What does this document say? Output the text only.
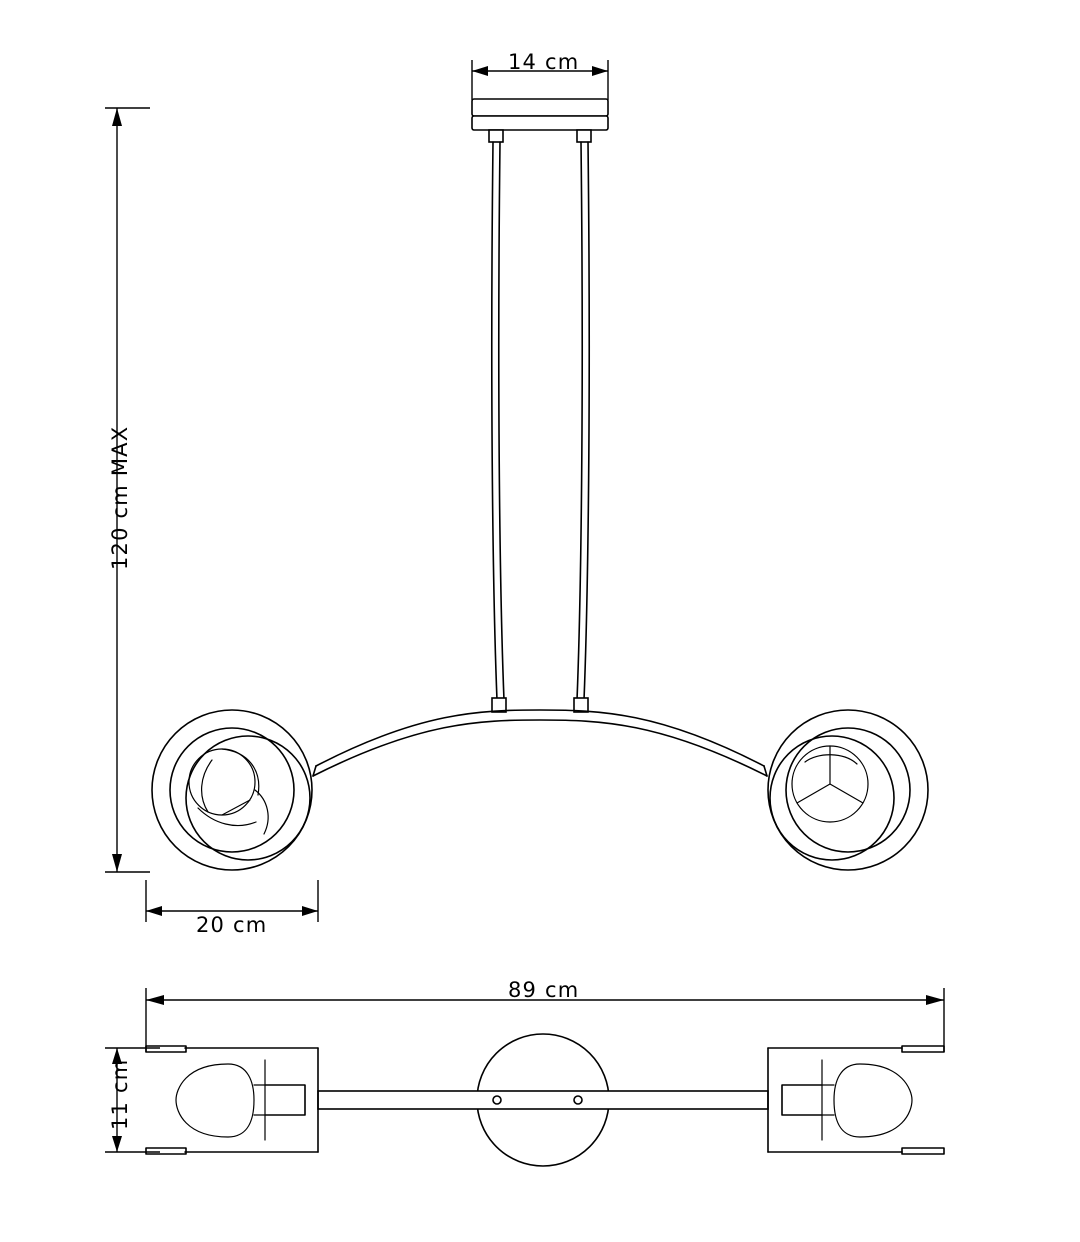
14 cm
120 cm MAX
20 cm
89 cm
11 cm
